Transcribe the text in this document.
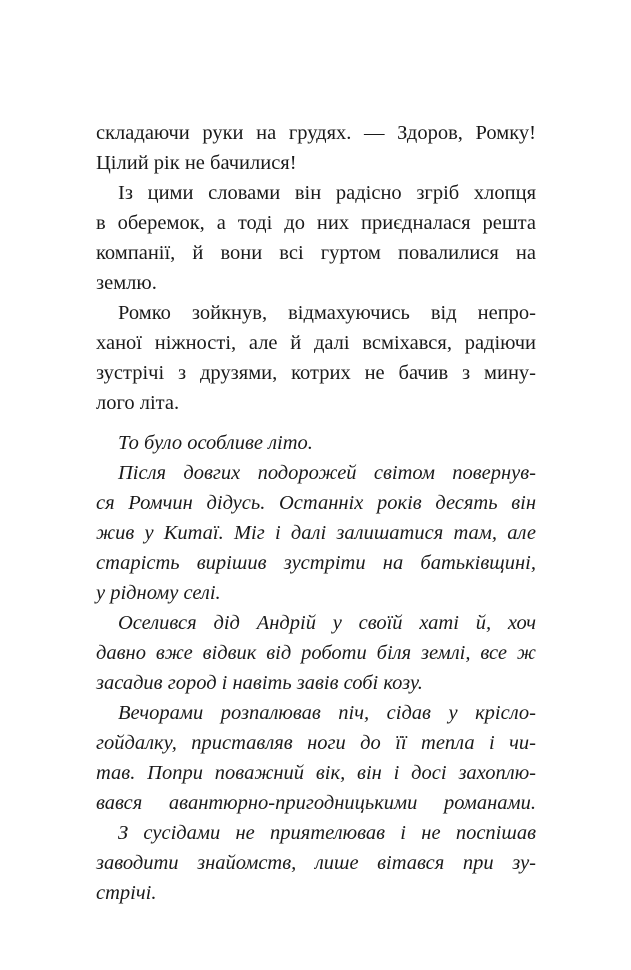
складаючи руки на грудях. — Здоров, Ромку!

Цілий рік не бачилися!

Із цими словами він радісно згріб хлопця

в оберемок, а тоді до них приєдналася решта

компанії, й вони всі гуртом повалилися на

землю.

Ромко зойкнув, відмахуючись від непро-

ханої ніжності, але й далі всміхався, радіючи

зустрічі з друзями, котрих не бачив з мину-

лого літа.

То було особливе літо.

Після довгих подорожей світом повернув-

ся Ромчин дідусь. Останніх років десять він

жив у Китаї. Міг і далі залишатися там, але

старість вирішив зустріти на батьківщині,

у рідному селі.

Оселився дід Андрій у своїй хаті й, хоч

давно вже відвик від роботи біля землі, все ж

засадив город і навіть завів собі козу.

Вечорами розпалював піч, сідав у крісло-

гойдалку, приставляв ноги до її тепла і чи-

тав. Попри поважний вік, він і досі захоплю-

вався авантюрно-пригодницькими романами.

З сусідами не приятелював і не поспішав

заводити знайомств, лише вітався при зу-

стрічі.
